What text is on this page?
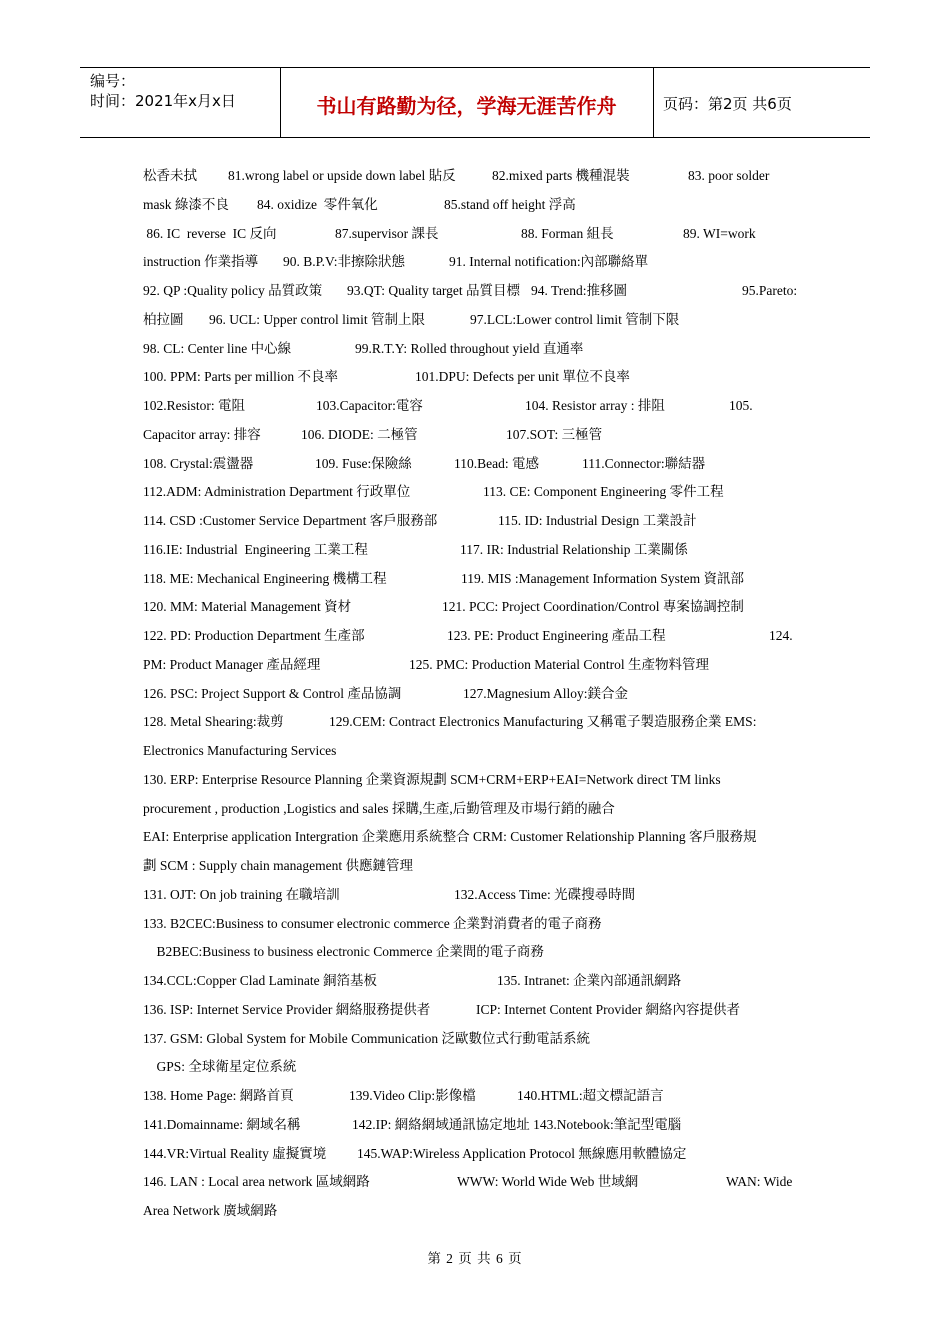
编号：
时间：2021年x月x日	书山有路勤为径，学海无涯苦作舟	页码：第2页 共6页
松香未拭 81.wrong label or upside down label 貼反	82.mixed parts 機種混裝	83. poor solder
mask 綠漆不良 84. oxidize  零件氧化	85.stand off height 浮高
86. IC  reverse  IC 反向	87.supervisor 課長	88. Forman 組長	89. WI=work
instruction 作業指導 90. B.P.V:非擦除狀態	91. Internal notification:內部聯絡單
92. QP :Quality policy 品質政策 93.QT: Quality target 品質目標 94. Trend:推移圖	95.Pareto:
柏拉圖 96. UCL: Upper control limit 管制上限	97.LCL:Lower control limit 管制下限
98. CL: Center line 中心線	99.R.T.Y: Rolled throughout yield 直通率
100. PPM: Parts per million 不良率	101.DPU: Defects per unit 單位不良率
102.Resistor: 電阻	103.Capacitor:電容	104. Resistor array : 排阻	105.
Capacitor array: 排容	106. DIODE: 二極管	107.SOT: 三極管
108. Crystal:震盪器	109. Fuse:保險絲	110.Bead: 電感	111.Connector:聯結器
112.ADM: Administration Department 行政單位	113. CE: Component Engineering 零件工程
114. CSD :Customer Service Department 客戶服務部	115. ID: Industrial Design 工業設計
116.IE: Industrial  Engineering 工業工程	117. IR: Industrial Relationship 工業關係
118. ME: Mechanical Engineering 機構工程	119. MIS :Management Information System 資訊部
120. MM: Material Management 資材	121. PCC: Project Coordination/Control 專案協調控制
122. PD: Production Department 生產部	123. PE: Product Engineering 產品工程	124.
PM: Product Manager 產品經理	125. PMC: Production Material Control 生產物料管理
126. PSC: Project Support & Control 產品協調	127.Magnesium Alloy:鎂合金
128. Metal Shearing:裁剪	129.CEM: Contract Electronics Manufacturing 又稱電子製造服務企業 EMS:
Electronics Manufacturing Services
130. ERP: Enterprise Resource Planning 企業資源規劃 SCM+CRM+ERP+EAI=Network direct TM links
procurement , production ,Logistics and sales 採購,生產,后勤管理及市場行銷的融合
EAI: Enterprise application Intergration 企業應用系統整合 CRM: Customer Relationship Planning 客戶服務規
劃 SCM : Supply chain management 供應鏈管理
131. OJT: On job training 在職培訓	132.Access Time: 光碟搜尋時間
133. B2CEC:Business to consumer electronic commerce 企業對消費者的電子商務
B2BEC:Business to business electronic Commerce 企業間的電子商務
134.CCL:Copper Clad Laminate 銅箔基板	135. Intranet: 企業內部通訊網路
136. ISP: Internet Service Provider 網絡服務提供者	ICP: Internet Content Provider 網絡內容提供者
137. GSM: Global System for Mobile Communication 泛歐數位式行動電話系統
GPS: 全球衛星定位系統
138. Home Page: 網路首頁	139.Video Clip:影像檔	140.HTML:超文標記語言
141.Domainname: 網域名稱	142.IP: 網絡網域通訊協定地址 143.Notebook:筆記型電腦
144.VR:Virtual Reality 虛擬實境 145.WAP:Wireless Application Protocol 無線應用軟體協定
146. LAN : Local area network 區域網路	WWW: World Wide Web 世域網	WAN: Wide
Area Network 廣域網路
第 2 页 共 6 页
